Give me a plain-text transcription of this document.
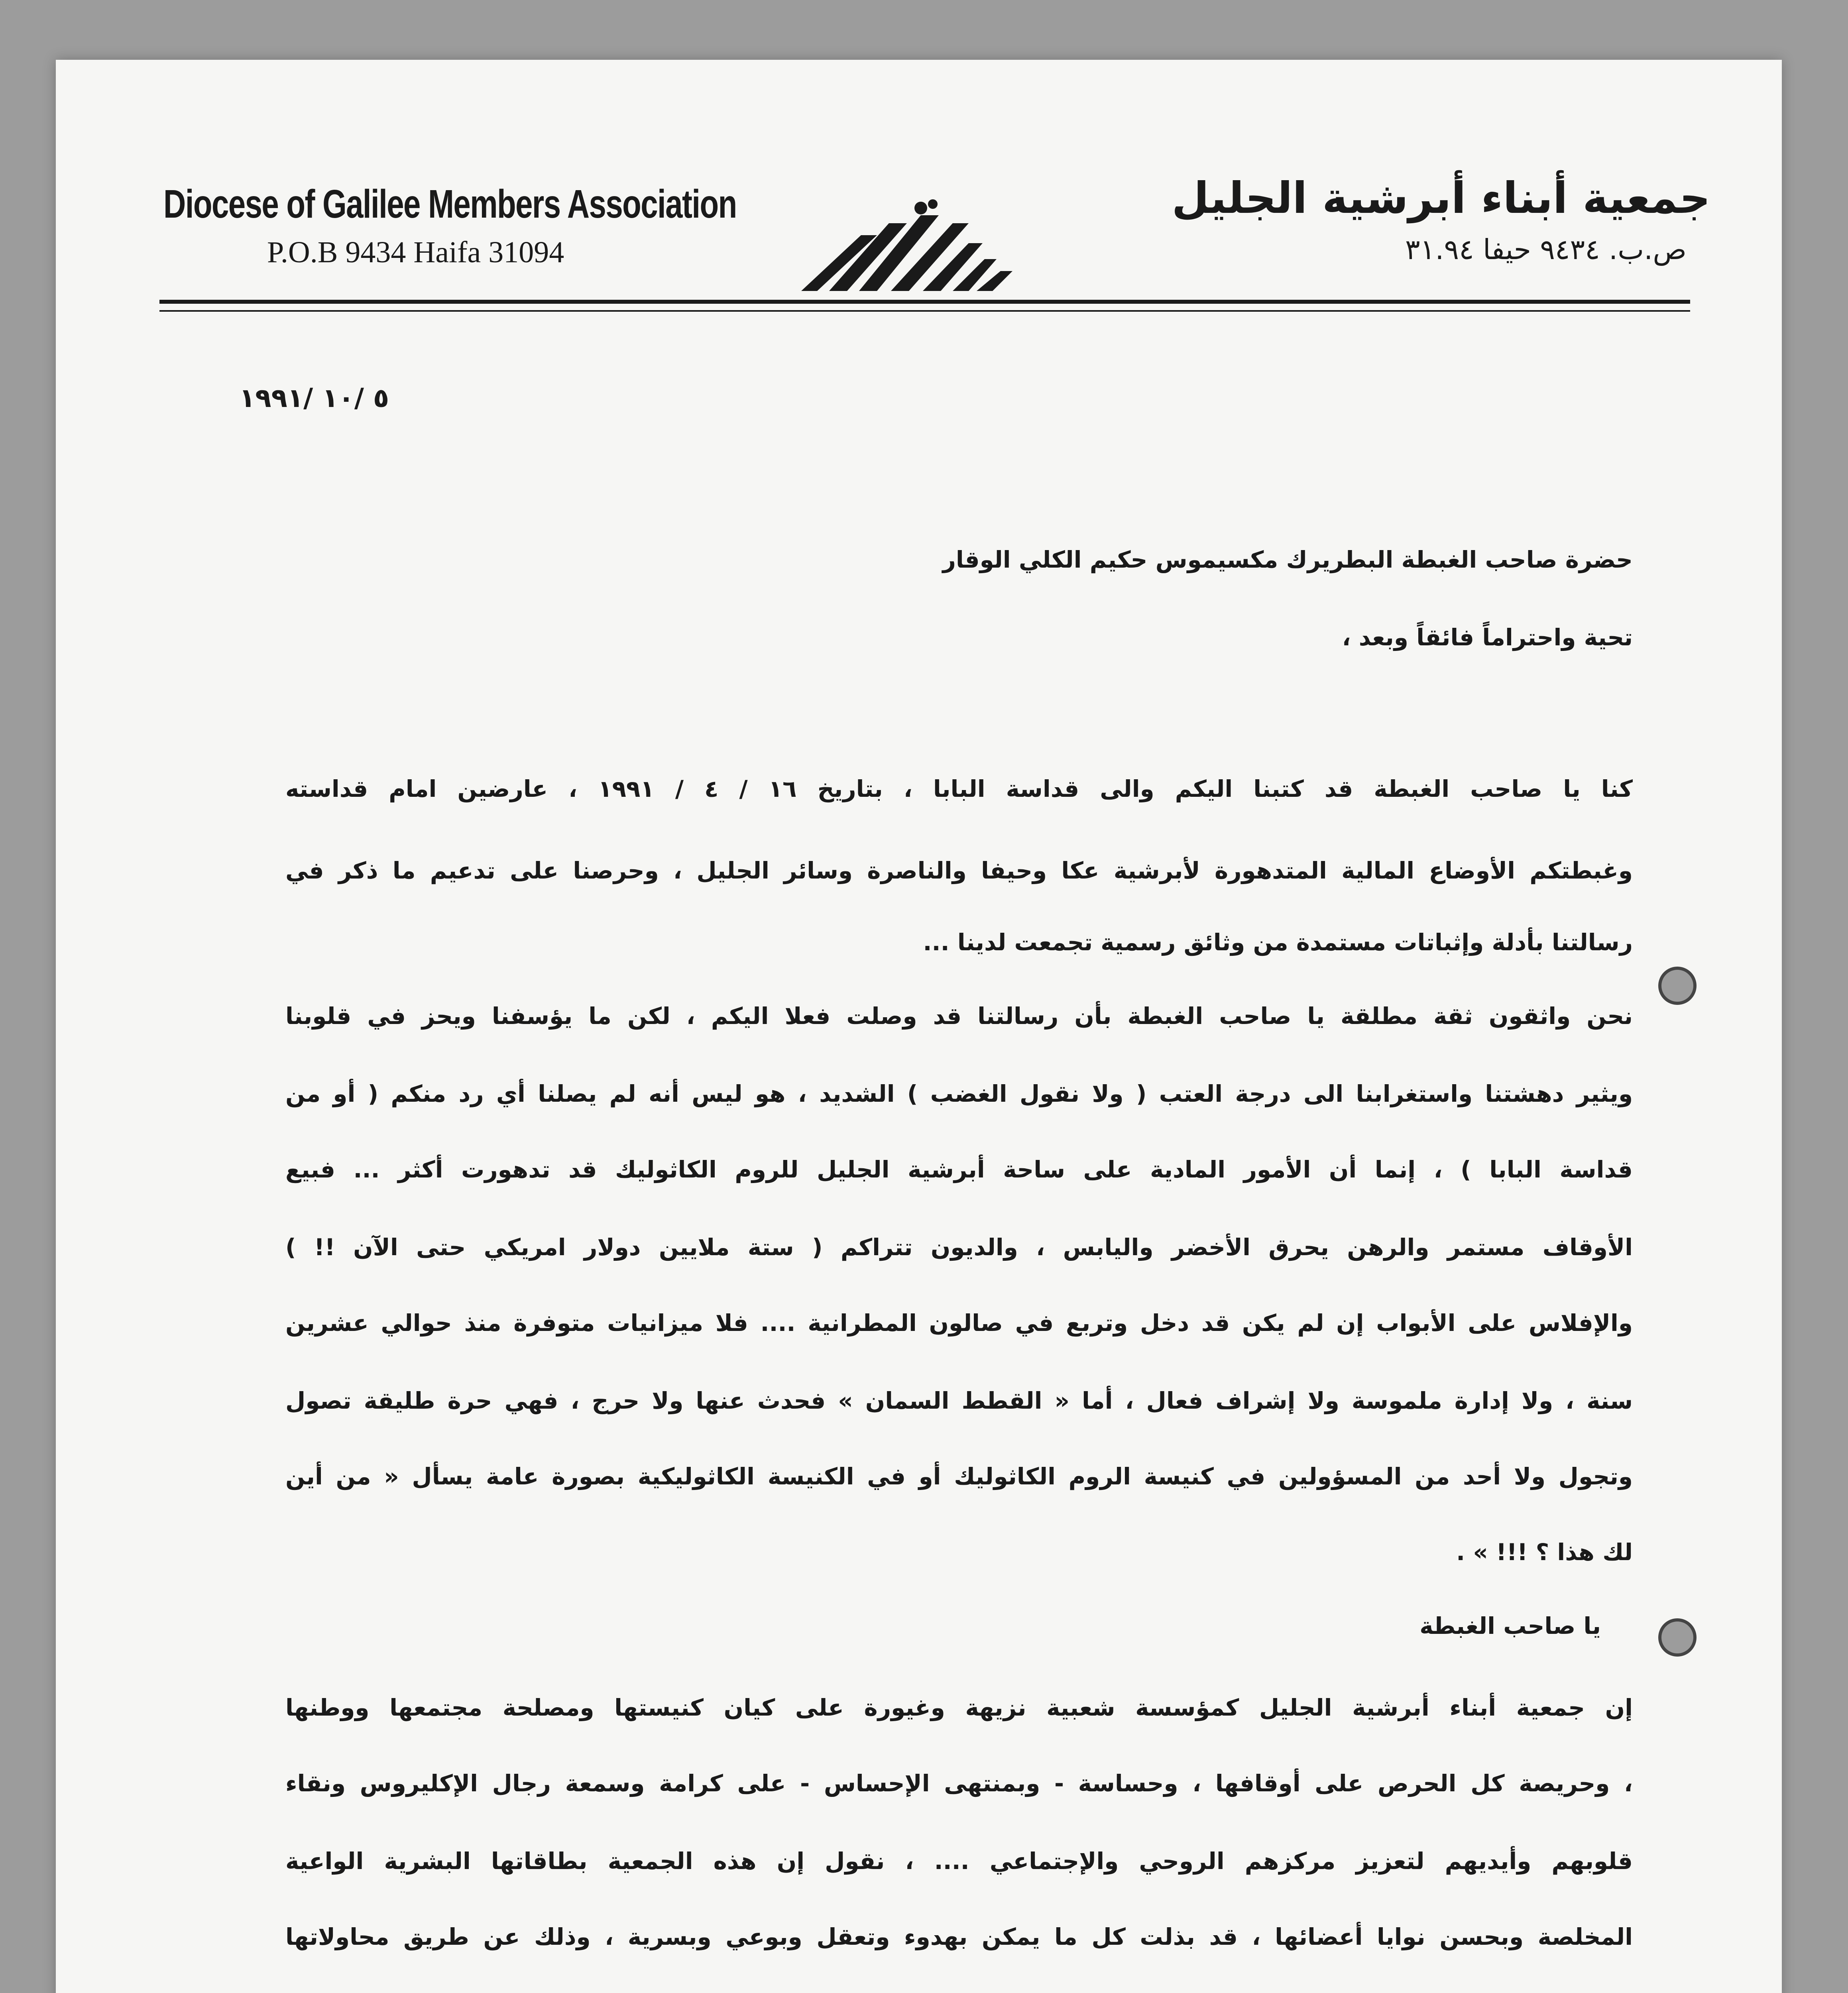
Diocese of Galilee Members Association
P.O.B 9434 Haifa 31094
جمعية أبناء أبرشية الجليل
ص.ب. ٩٤٣٤ حيفا ٣١.٩٤
٥ /١٠ /١٩٩١
حضرة صاحب الغبطة البطريرك مكسيموس حكيم الكلي الوقار
تحية واحتراماً فائقاً وبعد ،
كنا يا صاحب الغبطة قد كتبنا اليكم والى قداسة البابا ، بتاريخ ١٦ / ٤ / ١٩٩١ ، عارضين امام قداسته
وغبطتكم الأوضاع المالية المتدهورة لأبرشية عكا وحيفا والناصرة وسائر الجليل ، وحرصنا على تدعيم ما ذكر في
رسالتنا بأدلة وإثباتات مستمدة من وثائق رسمية تجمعت لدينا ...
نحن واثقون ثقة مطلقة يا صاحب الغبطة بأن رسالتنا قد وصلت فعلا اليكم ، لكن ما يؤسفنا ويحز في قلوبنا
ويثير دهشتنا واستغرابنا الى درجة العتب ( ولا نقول الغضب ) الشديد ، هو ليس أنه لم يصلنا أي رد منكم ( أو من
قداسة البابا ) ، إنما أن الأمور المادية على ساحة أبرشية الجليل للروم الكاثوليك قد تدهورت أكثر ... فبيع
الأوقاف مستمر والرهن يحرق الأخضر واليابس ، والديون تتراكم ( ستة ملايين دولار امريكي حتى الآن !! )
والإفلاس على الأبواب إن لم يكن قد دخل وتربع في صالون المطرانية .... فلا ميزانيات متوفرة منذ حوالي عشرين
سنة ، ولا إدارة ملموسة ولا إشراف فعال ، أما « القطط السمان » فحدث عنها ولا حرج ، فهي حرة طليقة تصول
وتجول ولا أحد من المسؤولين في كنيسة الروم الكاثوليك أو في الكنيسة الكاثوليكية بصورة عامة يسأل « من أين
لك هذا ؟ !!! » .
يا صاحب الغبطة
إن جمعية أبناء أبرشية الجليل كمؤسسة شعبية نزيهة وغيورة على كيان كنيستها ومصلحة مجتمعها ووطنها
، وحريصة كل الحرص على أوقافها ، وحساسة - وبمنتهى الإحساس - على كرامة وسمعة رجال الإكليروس ونقاء
قلوبهم وأيديهم لتعزيز مركزهم الروحي والإجتماعي .... ، نقول إن هذه الجمعية بطاقاتها البشرية الواعية
المخلصة وبحسن نوايا أعضائها ، قد بذلت كل ما يمكن بهدوء وتعقل وبوعي وبسرية ، وذلك عن طريق محاولاتها
